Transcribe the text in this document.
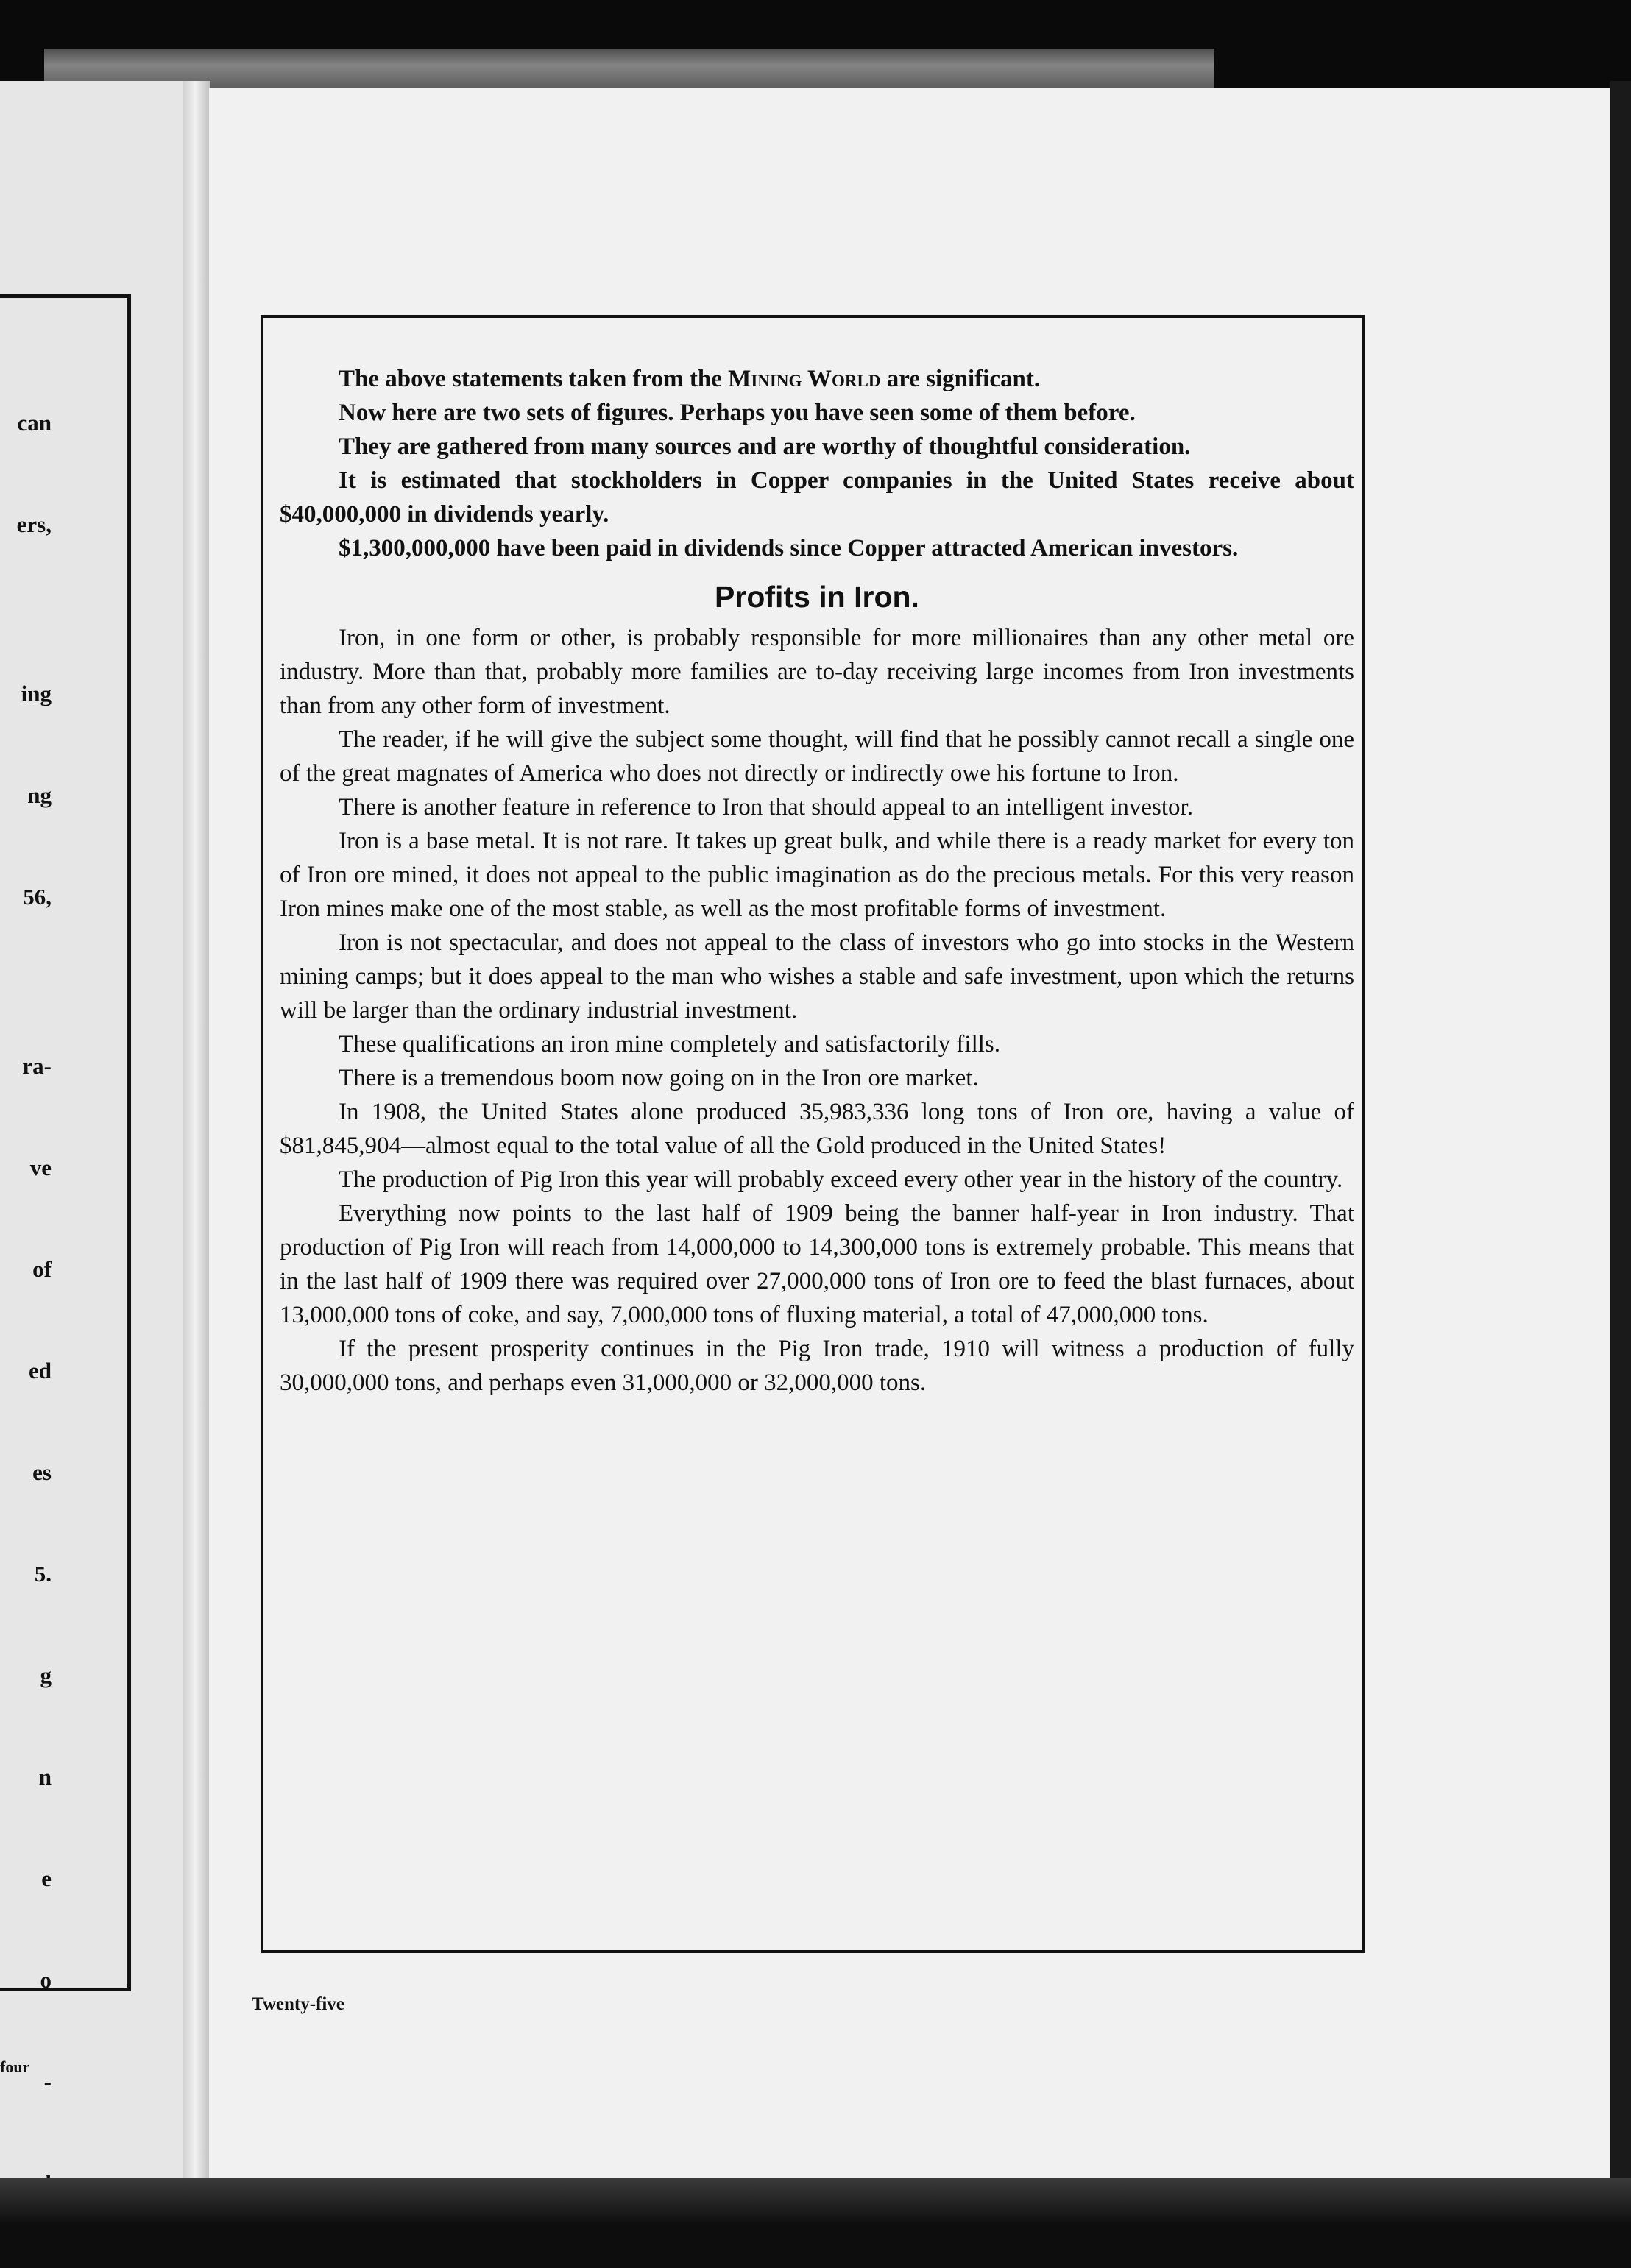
can

ers,

ing

ng

56,

ra-

ve

of

ed

es

5.

g

n

e

o

-

four

The above statements taken from the Mining World are significant.

Now here are two sets of figures. Perhaps you have seen some of them before.

They are gathered from many sources and are worthy of thoughtful consideration.

It is estimated that stockholders in Copper companies in the United States receive about $40,000,000 in dividends yearly.

$1,300,000,000 have been paid in dividends since Copper attracted American investors.

Profits in Iron.

Iron, in one form or other, is probably responsible for more millionaires than any other metal ore industry. More than that, probably more families are to-day receiving large incomes from Iron investments than from any other form of investment.

The reader, if he will give the subject some thought, will find that he possibly cannot recall a single one of the great magnates of America who does not directly or indirectly owe his fortune to Iron.

There is another feature in reference to Iron that should appeal to an intelligent investor.

Iron is a base metal. It is not rare. It takes up great bulk, and while there is a ready market for every ton of Iron ore mined, it does not appeal to the public imagination as do the precious metals. For this very reason Iron mines make one of the most stable, as well as the most profitable forms of investment.

Iron is not spectacular, and does not appeal to the class of investors who go into stocks in the Western mining camps; but it does appeal to the man who wishes a stable and safe investment, upon which the returns will be larger than the ordinary industrial investment.

These qualifications an iron mine completely and satisfactorily fills.

There is a tremendous boom now going on in the Iron ore market.

In 1908, the United States alone produced 35,983,336 long tons of Iron ore, having a value of $81,845,904—almost equal to the total value of all the Gold produced in the United States!

The production of Pig Iron this year will probably exceed every other year in the history of the country.

Everything now points to the last half of 1909 being the banner half-year in Iron industry. That production of Pig Iron will reach from 14,000,000 to 14,300,000 tons is extremely probable. This means that in the last half of 1909 there was required over 27,000,000 tons of Iron ore to feed the blast furnaces, about 13,000,000 tons of coke, and say, 7,000,000 tons of fluxing material, a total of 47,000,000 tons.

If the present prosperity continues in the Pig Iron trade, 1910 will witness a production of fully 30,000,000 tons, and perhaps even 31,000,000 or 32,000,000 tons.

Twenty-five
